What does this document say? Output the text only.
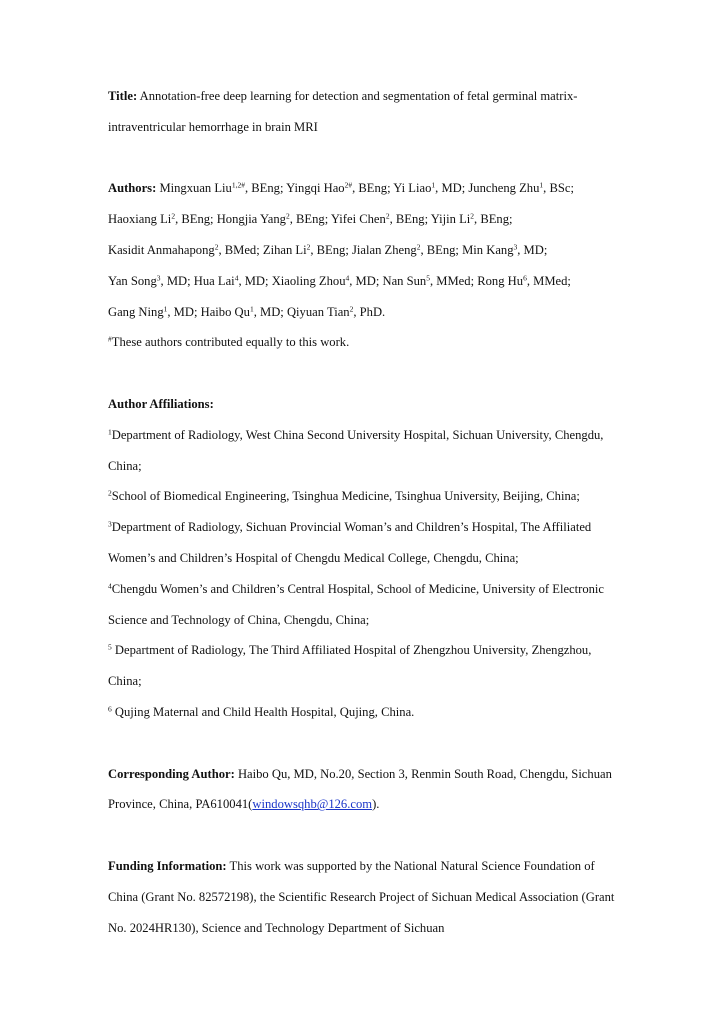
Title: Annotation-free deep learning for detection and segmentation of fetal germinal matrix-intraventricular hemorrhage in brain MRI

Authors: Mingxuan Liu$^{1,2\#}$, BEng; Yingqi Hao$^{2\#}$, BEng; Yi Liao$^1$, MD; Juncheng Zhu$^1$, BSc; Haoxiang Li$^2$, BEng; Hongjia Yang$^2$, BEng; Yifei Chen$^2$, BEng; Yijin Li$^2$, BEng; Kasidit Anmahapong$^2$, BMed; Zihan Li$^2$, BEng; Jialan Zheng$^2$, BEng; Min Kang$^3$, MD; Yan Song$^3$, MD; Hua Lai$^4$, MD; Xiaoling Zhou$^4$, MD; Nan Sun$^5$, MMed; Rong Hu$^6$, MMed; Gang Ning$^1$, MD; Haibo Qu$^1$, MD; Qiyuan Tian$^2$, PhD.

#These authors contributed equally to this work.

Author Affiliations:

$^1$Department of Radiology, West China Second University Hospital, Sichuan University, Chengdu, China;

$^2$School of Biomedical Engineering, Tsinghua Medicine, Tsinghua University, Beijing, China;

$^3$Department of Radiology, Sichuan Provincial Woman’s and Children’s Hospital, The Affiliated Women’s and Children’s Hospital of Chengdu Medical College, Chengdu, China;

$^4$Chengdu Women’s and Children’s Central Hospital, School of Medicine, University of Electronic Science and Technology of China, Chengdu, China;

$^5$ Department of Radiology, The Third Affiliated Hospital of Zhengzhou University, Zhengzhou, China;

$^6$ Qujing Maternal and Child Health Hospital, Qujing, China.

Corresponding Author: Haibo Qu, MD, No.20, Section 3, Renmin South Road, Chengdu, Sichuan Province, China, PA610041(windowsqhb@126.com).

Funding Information: This work was supported by the National Natural Science Foundation of China (Grant No. 82572198), the Scientific Research Project of Sichuan Medical Association (Grant No. 2024HR130), Science and Technology Department of Sichuan
